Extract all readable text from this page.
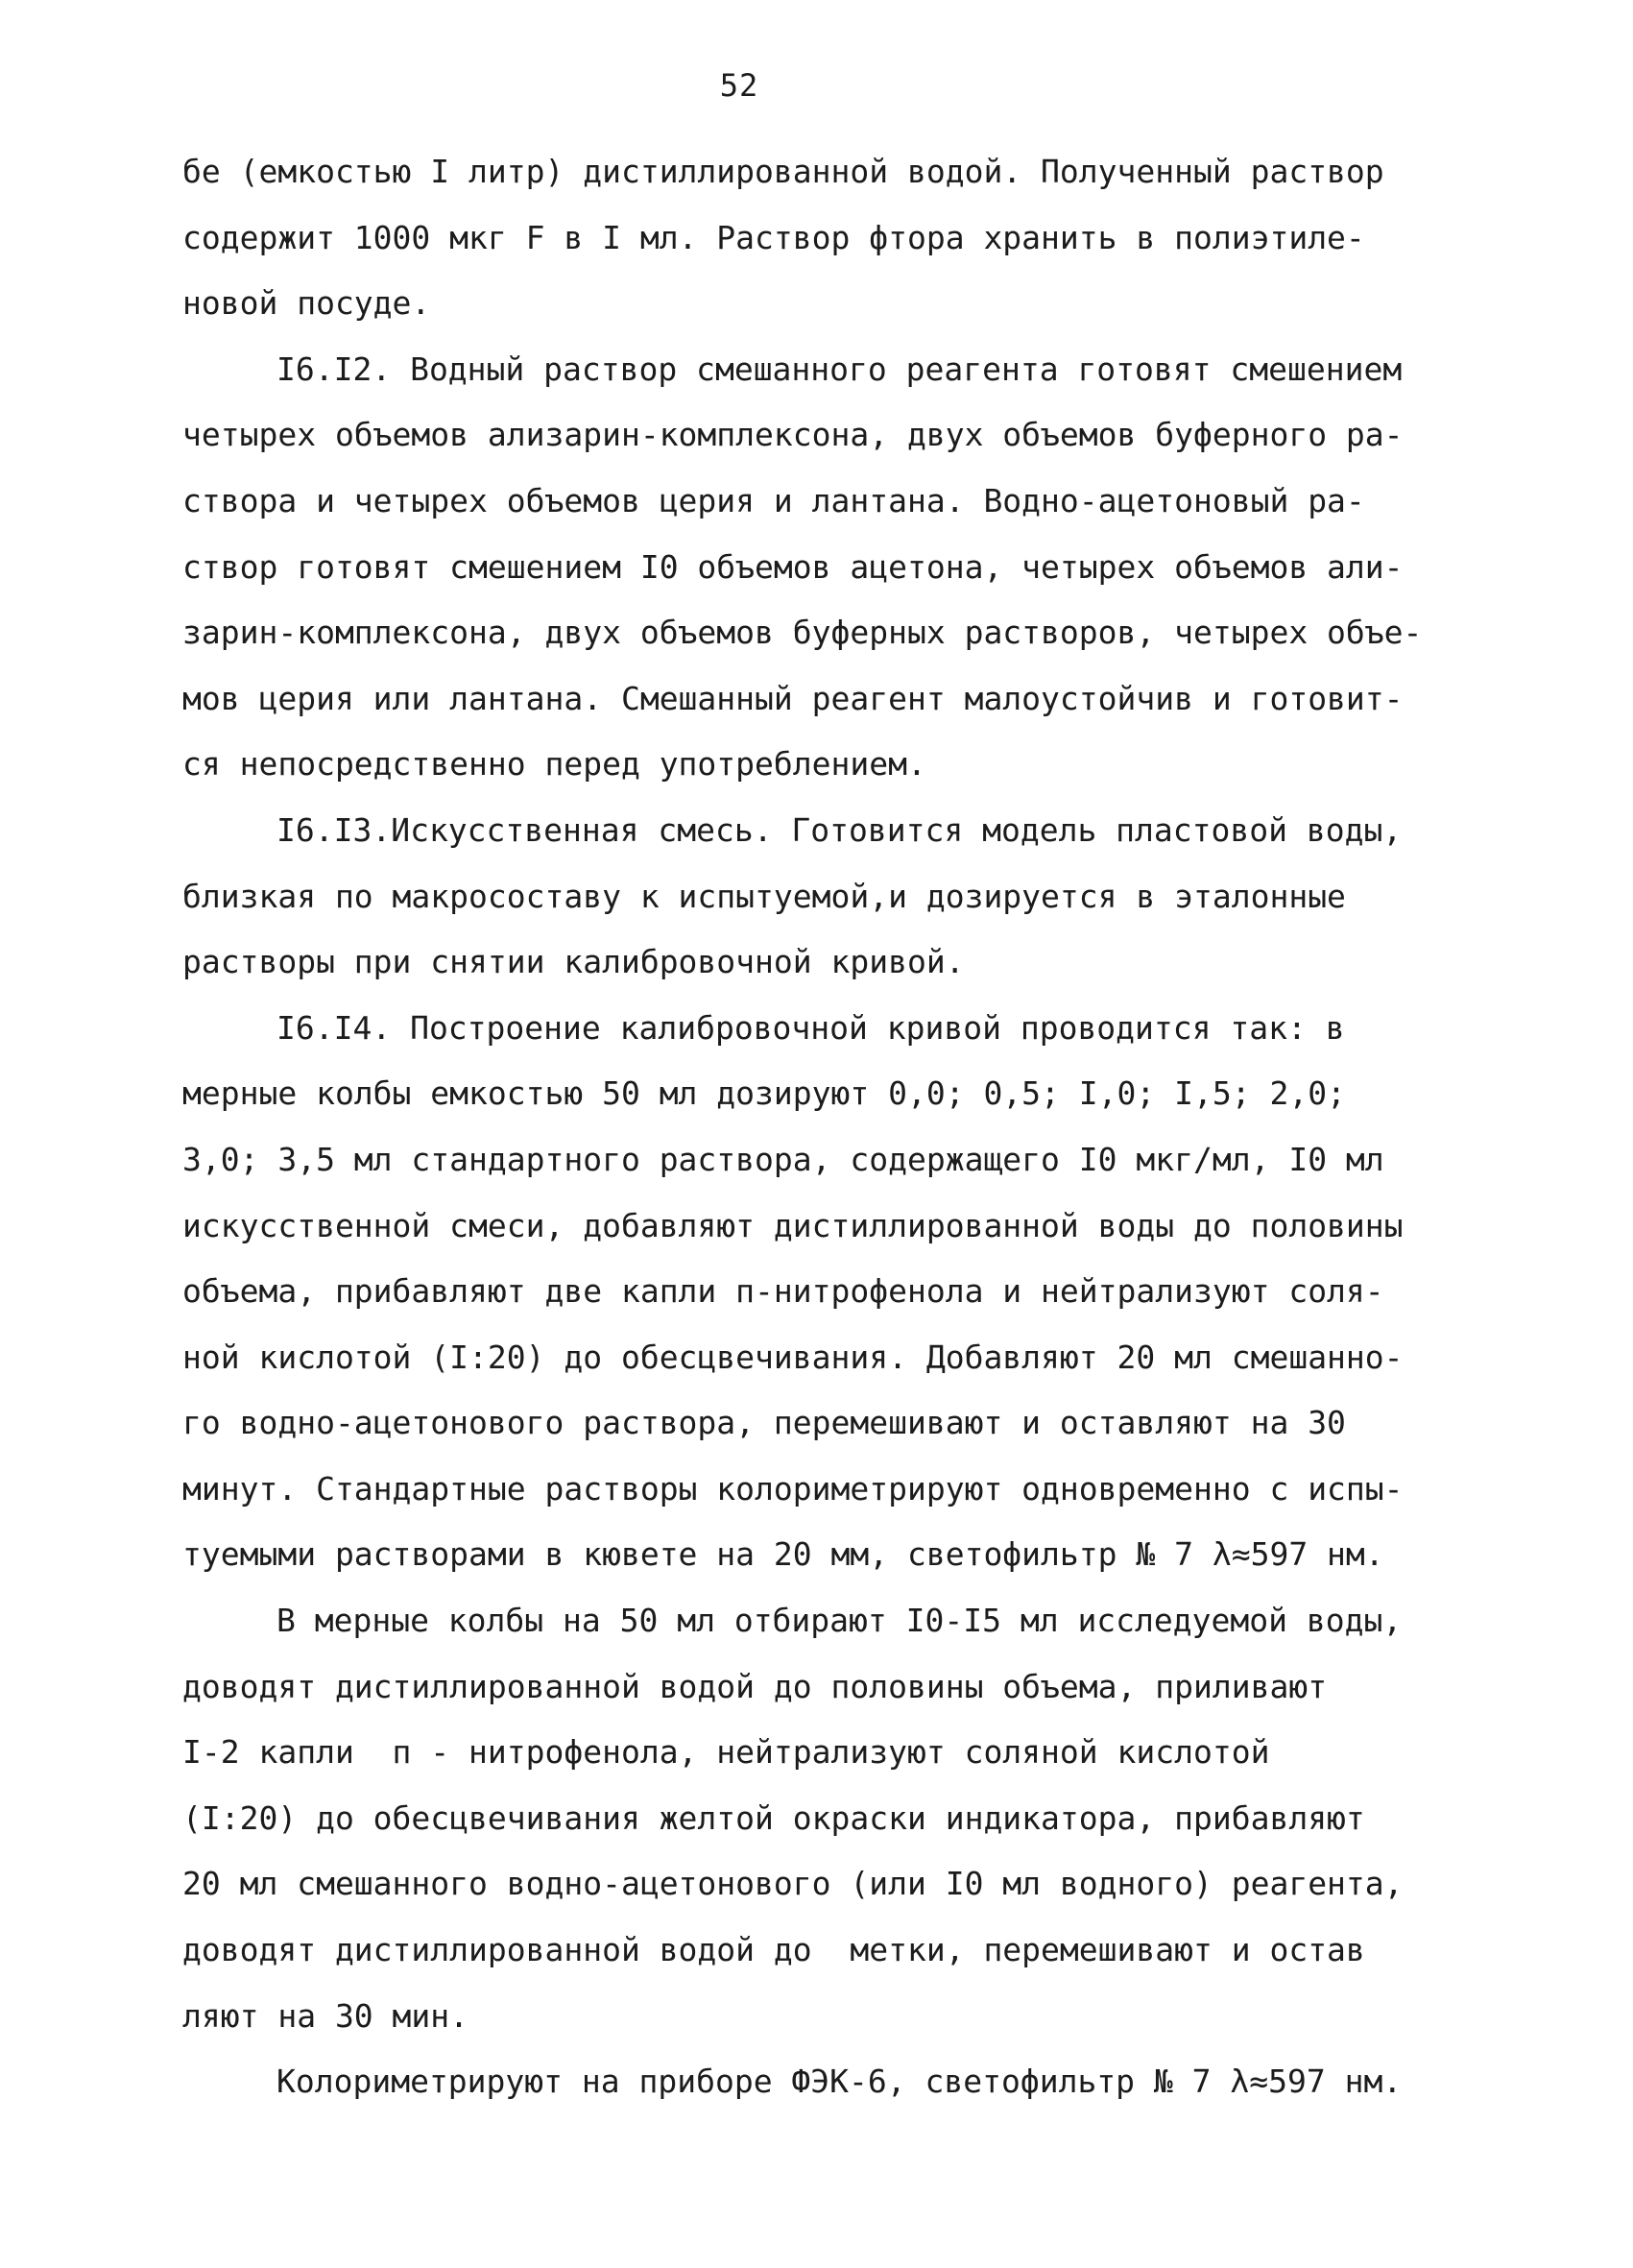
52
бе (емкостью I литр) дистиллированной водой. Полученный раствор
содержит 1000 мкг F в I мл. Раствор фтора хранить в полиэтиле-
новой посуде.
I6.I2. Водный раствор смешанного реагента готовят смешением
четырех объемов ализарин-комплексона, двух объемов буферного ра-
створа и четырех объемов церия и лантана. Водно-ацетоновый ра-
створ готовят смешением I0 объемов ацетона, четырех объемов али-
зарин-комплексона, двух объемов буферных растворов, четырех объе-
мов церия или лантана. Смешанный реагент малоустойчив и готовит-
ся непосредственно перед употреблением.
I6.I3.Искусственная смесь. Готовится модель пластовой воды,
близкая по макросоставу к испытуемой,и дозируется в эталонные
растворы при снятии калибровочной кривой.
I6.I4. Построение калибровочной кривой проводится так: в
мерные колбы емкостью 50 мл дозируют 0,0; 0,5; I,0; I,5; 2,0;
3,0; 3,5 мл стандартного раствора, содержащего I0 мкг/мл, I0 мл
искусственной смеси, добавляют дистиллированной воды до половины
объема, прибавляют две капли п-нитрофенола и нейтрализуют соля-
ной кислотой (I:20) до обесцвечивания. Добавляют 20 мл смешанно-
го водно-ацетонового раствора, перемешивают и оставляют на 30
минут. Стандартные растворы колориметрируют одновременно с испы-
туемыми растворами в кювете на 20 мм, светофильтр № 7 λ≈597 нм.
В мерные колбы на 50 мл отбирают I0-I5 мл исследуемой воды,
доводят дистиллированной водой до половины объема, приливают
I-2 капли  п - нитрофенола, нейтрализуют соляной кислотой
(I:20) до обесцвечивания желтой окраски индикатора, прибавляют
20 мл смешанного водно-ацетонового (или I0 мл водного) реагента,
доводят дистиллированной водой до  метки, перемешивают и остав
ляют на 30 мин.
Колориметрируют на приборе ФЭК-6, светофильтр № 7 λ≈597 нм.
